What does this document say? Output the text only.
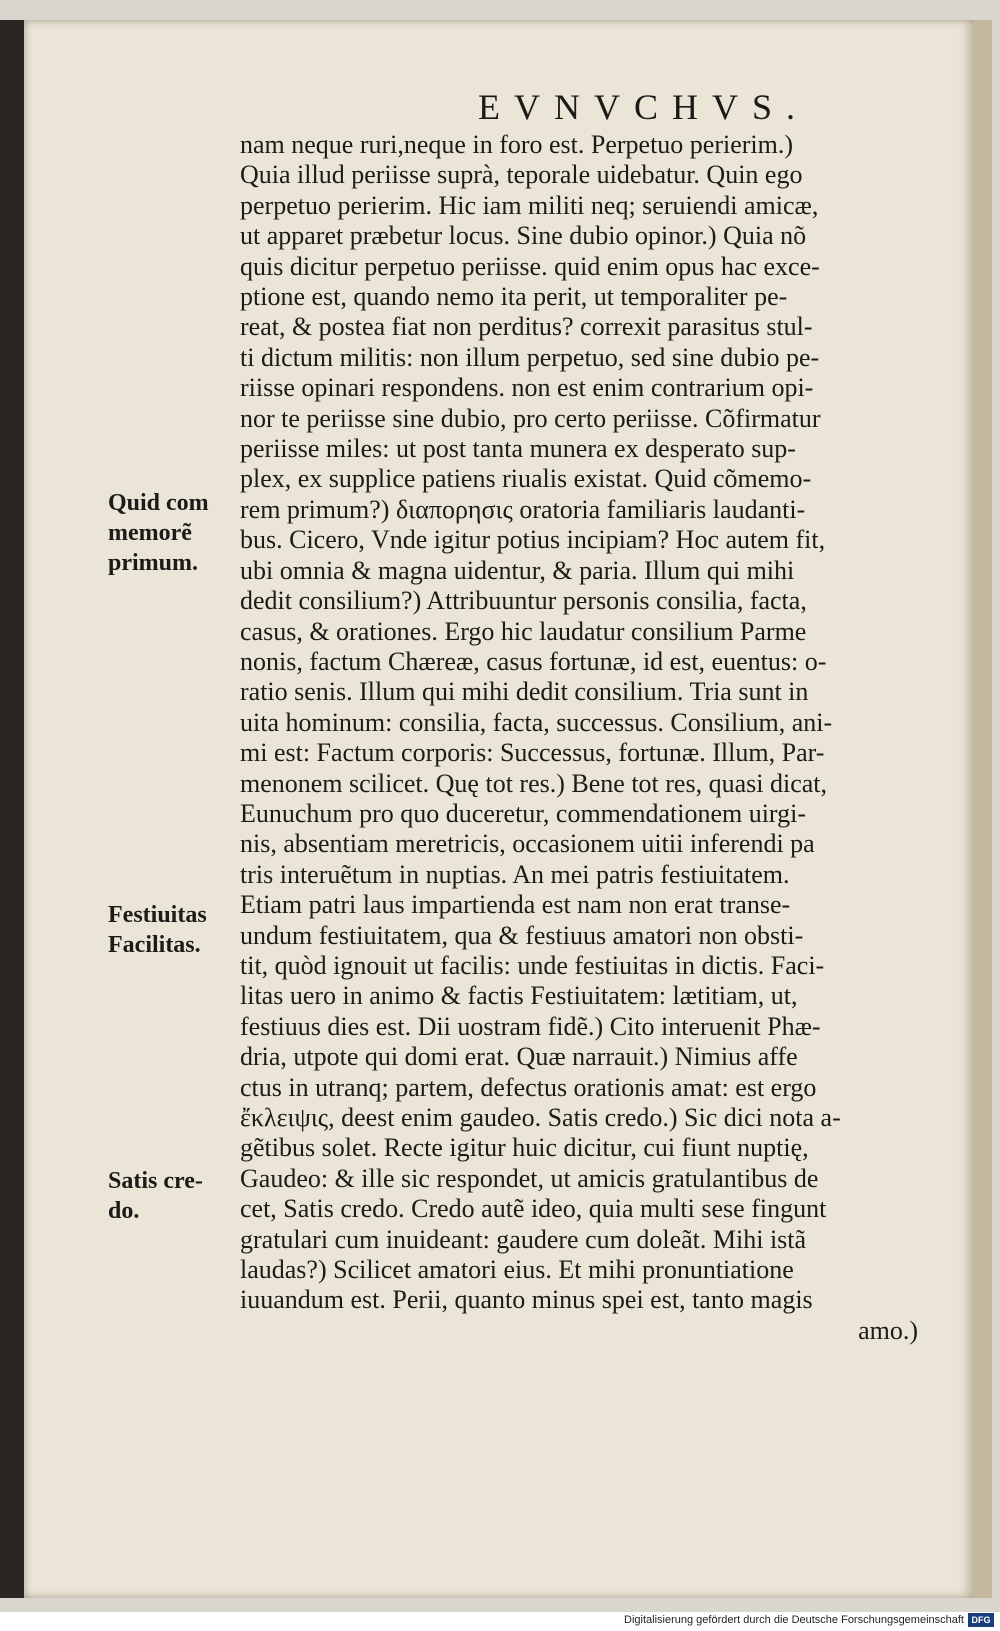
EVNVCHVS.
nam neque ruri,neque in foro est. Perpetuo perierim.)
Quia illud periisse suprà, teporale uidebatur. Quin ego
perpetuo perierim. Hic iam militi neq; seruiendi amicæ,
ut apparet præbetur locus. Sine dubio opinor.) Quia nõ
quis dicitur perpetuo periisse. quid enim opus hac exce-
ptione est, quando nemo ita perit, ut temporaliter pe-
reat, & postea fiat non perditus? correxit parasitus stul-
ti dictum militis: non illum perpetuo, sed sine dubio pe-
riisse opinari respondens. non est enim contrarium opi-
nor te periisse sine dubio, pro certo periisse. Cõfirmatur
periisse miles: ut post tanta munera ex desperato sup-
plex, ex supplice patiens riualis existat. Quid cõmemo-
rem primum?) διαπορησις oratoria familiaris laudanti-
bus. Cicero, Vnde igitur potius incipiam? Hoc autem fit,
ubi omnia & magna uidentur, & paria. Illum qui mihi
dedit consilium?) Attribuuntur personis consilia, facta,
casus, & orationes. Ergo hic laudatur consilium Parme
nonis, factum Chæreæ, casus fortunæ, id est, euentus: o-
ratio senis. Illum qui mihi dedit consilium. Tria sunt in
uita hominum: consilia, facta, successus. Consilium, ani-
mi est: Factum corporis: Successus, fortunæ. Illum, Par-
menonem scilicet. Quę tot res.) Bene tot res, quasi dicat,
Eunuchum pro quo duceretur, commendationem uirgi-
nis, absentiam meretricis, occasionem uitii inferendi pa
tris interuẽtum in nuptias. An mei patris festiuitatem.
Etiam patri laus impartienda est nam non erat transe-
undum festiuitatem, qua & festiuus amatori non obsti-
tit, quòd ignouit ut facilis: unde festiuitas in dictis. Faci-
litas uero in animo & factis Festiuitatem: lætitiam, ut,
festiuus dies est. Dii uostram fidẽ.) Cito interuenit Phæ-
dria, utpote qui domi erat. Quæ narrauit.) Nimius affe
ctus in utranq; partem, defectus orationis amat: est ergo
ἔκλειψις, deest enim gaudeo. Satis credo.) Sic dici nota a-
gẽtibus solet. Recte igitur huic dicitur, cui fiunt nuptię,
Gaudeo: & ille sic respondet, ut amicis gratulantibus de
cet, Satis credo. Credo autẽ ideo, quia multi sese fingunt
gratulari cum inuideant: gaudere cum doleãt. Mihi istã
laudas?) Scilicet amatori eius. Et mihi pronuntiatione
iuuandum est. Perii, quanto minus spei est, tanto magis
amo.)
Quid com memorẽ primum.
Festiuitas Facilitas.
Satis cre- do.
Digitalisierung gefördert durch die Deutsche Forschungsgemeinschaft DFG
